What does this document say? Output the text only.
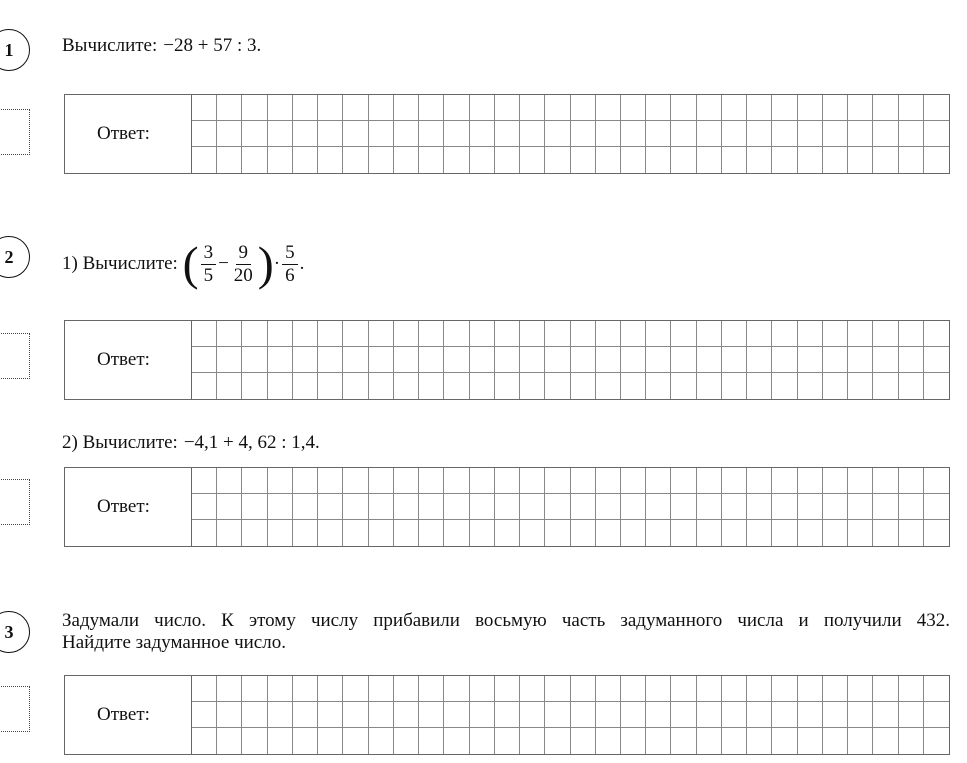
1	Вычислите: −28 + 57 : 3.
Ответ:
2	1) Вычислите: ( $\frac{3}{5} - \frac{9}{20}$ )· $\frac{5}{6}$ .
Ответ:
2) Вычислите: −4,1 + 4, 62 : 1,4.
Ответ:
3
Задумали число. К этому числу прибавили восьмую часть задуманного числа и получили 432.
Найдите задуманное число.
Ответ:
